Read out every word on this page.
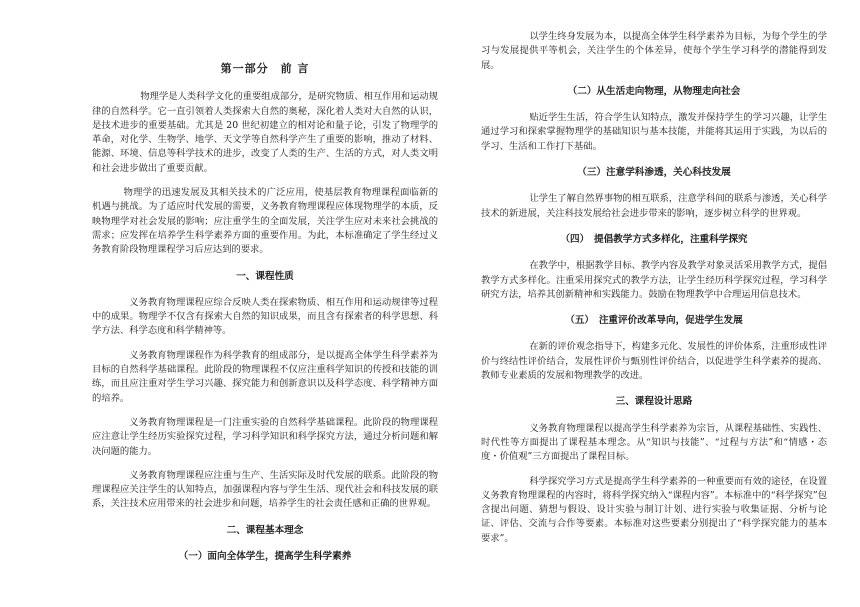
第一部分　前 言

物理学是人类科学文化的重要组成部分，是研究物质、相互作用和运动规律的自然科学。它一直引领着人类探索大自然的奥秘，深化着人类对大自然的认识，是技术进步的重要基础。尤其是 20 世纪初建立的相对论和量子论，引发了物理学的革命，对化学、生物学、地学、天文学等自然科学产生了重要的影响，推动了材料、能源、环境、信息等科学技术的进步，改变了人类的生产、生活的方式，对人类文明和社会进步做出了重要贡献。

物理学的迅速发展及其相关技术的广泛应用，使基层教育物理课程面临新的机遇与挑战。为了适应时代发展的需要，义务教育物理课程应体现物理学的本质，反映物理学对社会发展的影响；应注重学生的全面发展，关注学生应对未来社会挑战的需求；应发挥在培养学生科学素养方面的重要作用。为此，本标准确定了学生经过义务教育阶段物理课程学习后应达到的要求。

一、课程性质

义务教育物理课程应综合反映人类在探索物质、相互作用和运动规律等过程中的成果。物理学不仅含有探索大自然的知识成果，而且含有探索者的科学思想、科学方法、科学态度和科学精神等。

义务教育物理课程作为科学教育的组成部分，是以提高全体学生科学素养为目标的自然科学基础课程。此阶段的物理课程不仅应注重科学知识的传授和技能的训练，而且应注重对学生学习兴趣、探究能力和创新意识以及科学态度、科学精神方面的培养。

义务教育物理课程是一门注重实验的自然科学基础课程。此阶段的物理课程应注意让学生经历实验探究过程，学习科学知识和科学探究方法，通过分析问题和解决问题的能力。

义务教育物理课程应注重与生产、生活实际及时代发展的联系。此阶段的物理课程应关注学生的认知特点，加强课程内容与学生生活、现代社会和科技发展的联系，关注技术应用带来的社会进步和问题，培养学生的社会责任感和正确的世界观。

二、课程基本理念
（一）面向全体学生，提高学生科学素养

以学生终身发展为本，以提高全体学生科学素养为目标，为每个学生的学习与发展提供平等机会，关注学生的个体差异，使每个学生学习科学的潜能得到发展。

（二）从生活走向物理，从物理走向社会

贴近学生生活，符合学生认知特点，激发并保持学生的学习兴趣，让学生通过学习和探索掌握物理学的基础知识与基本技能，并能将其运用于实践，为以后的学习、生活和工作打下基础。

（三）注意学科渗透，关心科技发展

让学生了解自然界事物的相互联系，注意学科间的联系与渗透，关心科学技术的新进展，关注科技发展给社会进步带来的影响，逐步树立科学的世界观。

（四）　提倡教学方式多样化，注重科学探究

在教学中，根据教学目标、教学内容及教学对象灵活采用教学方式，提倡教学方式多样化。注重采用探究式的教学方法，让学生经历科学探究过程，学习科学研究方法，培养其创新精神和实践能力。鼓励在物理教学中合理运用信息技术。

（五）　注重评价改革导向，促进学生发展

在新的评价观念指导下，构建多元化、发展性的评价体系，注重形成性评价与终结性评价结合，发展性评价与甄别性评价结合，以促进学生科学素养的提高、教师专业素质的发展和物理教学的改进。

三、课程设计思路

义务教育物理课程以提高学生科学素养为宗旨，从课程基础性、实践性、时代性等方面提出了课程基本理念。从“知识与技能”、“过程与方法”和“情感・态度・价值观”三方面提出了课程目标。

科学探究学习方式是提高学生科学素养的一种重要而有效的途径，在设置义务教育物理课程的内容时，将科学探究纳入“课程内容”。本标准中的“科学探究”包含提出问题、猜想与假设、设计实验与制订计划、进行实验与收集证据、分析与论证、评估、交流与合作等要素。本标准对这些要素分别提出了“科学探究能力的基本要求”。
